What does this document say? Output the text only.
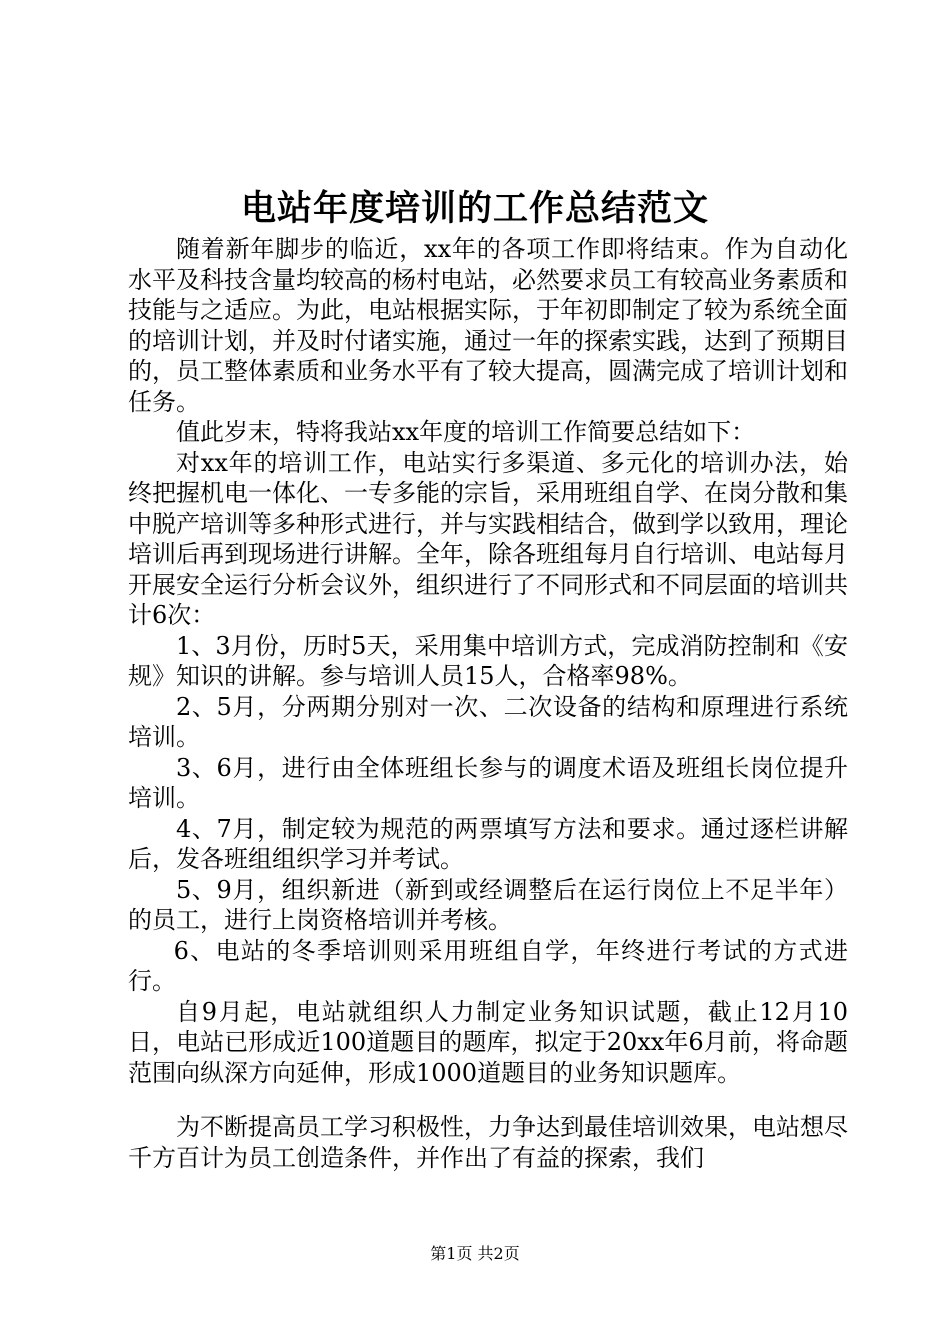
电站年度培训的工作总结范文

随着新年脚步的临近，xx年的各项工作即将结束。作为自动化水平及科技含量均较高的杨村电站，必然要求员工有较高业务素质和技能与之适应。为此，电站根据实际，于年初即制定了较为系统全面的培训计划，并及时付诸实施，通过一年的探索实践，达到了预期目的，员工整体素质和业务水平有了较大提高，圆满完成了培训计划和任务。

值此岁末，特将我站xx年度的培训工作简要总结如下：

对xx年的培训工作，电站实行多渠道、多元化的培训办法，始终把握机电一体化、一专多能的宗旨，采用班组自学、在岗分散和集中脱产培训等多种形式进行，并与实践相结合，做到学以致用，理论培训后再到现场进行讲解。全年，除各班组每月自行培训、电站每月开展安全运行分析会议外，组织进行了不同形式和不同层面的培训共计6次：

1、3月份，历时5天，采用集中培训方式，完成消防控制和《安规》知识的讲解。参与培训人员15人，合格率98%。

2、5月，分两期分别对一次、二次设备的结构和原理进行系统培训。

3、6月，进行由全体班组长参与的调度术语及班组长岗位提升培训。

4、7月，制定较为规范的两票填写方法和要求。通过逐栏讲解后，发各班组组织学习并考试。

5、9月，组织新进（新到或经调整后在运行岗位上不足半年）的员工，进行上岗资格培训并考核。

6、电站的冬季培训则采用班组自学，年终进行考试的方式进行。

自9月起，电站就组织人力制定业务知识试题，截止12月10日，电站已形成近100道题目的题库，拟定于20xx年6月前，将命题范围向纵深方向延伸，形成1000道题目的业务知识题库。

为不断提高员工学习积极性，力争达到最佳培训效果，电站想尽千方百计为员工创造条件，并作出了有益的探索，我们

第1页 共2页
